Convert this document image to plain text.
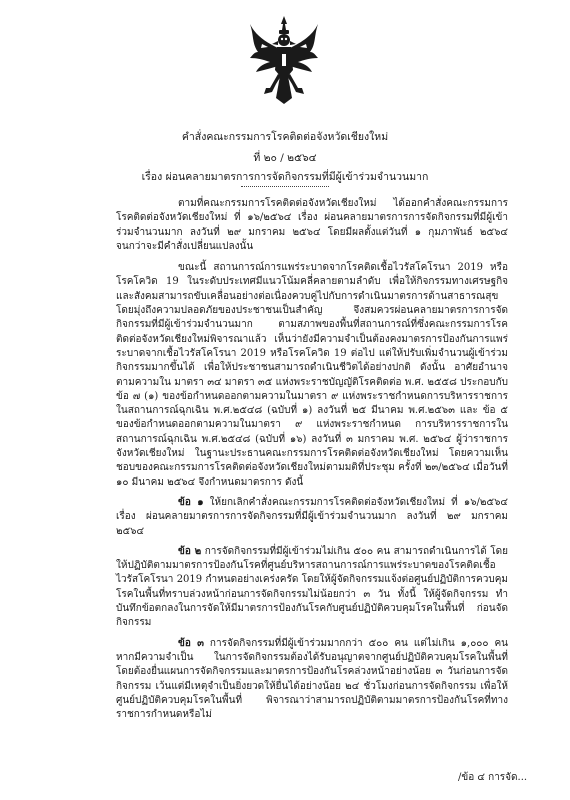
คำสั่งคณะกรรมการโรคติดต่อจังหวัดเชียงใหม่
ที่ ๒๐ / ๒๕๖๔
เรื่อง ผ่อนคลายมาตรการการจัดกิจกรรมที่มีผู้เข้าร่วมจำนวนมาก

ตามที่คณะกรรมการโรคติดต่อจังหวัดเชียงใหม่ ได้ออกคำสั่งคณะกรรมการโรคติดต่อจังหวัดเชียงใหม่ ที่ ๑๖/๒๕๖๔ เรื่อง ผ่อนคลายมาตรการการจัดกิจกรรมที่มีผู้เข้าร่วมจำนวนมาก ลงวันที่ ๒๙ มกราคม ๒๕๖๔ โดยมีผลตั้งแต่วันที่ ๑ กุมภาพันธ์ ๒๕๖๔ จนกว่าจะมีคำสั่งเปลี่ยนแปลงนั้น

ขณะนี้ สถานการณ์การแพร่ระบาดจากโรคติดเชื้อไวรัสโคโรนา 2019 หรือโรคโควิด 19 ในระดับประเทศมีแนวโน้มคลี่คลายตามลำดับ เพื่อให้กิจกรรมทางเศรษฐกิจและสังคมสามารถขับเคลื่อนอย่างต่อเนื่องควบคู่ไปกับการดำเนินมาตรการด้านสาธารณสุขโดยมุ่งถึงความปลอดภัยของประชาชนเป็นสำคัญ จึงสมควรผ่อนคลายมาตรการการจัดกิจกรรมที่มีผู้เข้าร่วมจำนวนมาก ตามสภาพของพื้นที่สถานการณ์ที่ซึ่งคณะกรรมการโรคติดต่อจังหวัดเชียงใหม่พิจารณาแล้ว เห็นว่ายังมีความจำเป็นต้องคงมาตรการป้องกันการแพร่ระบาดจากเชื้อไวรัสโคโรนา 2019 หรือโรคโควิด 19 ต่อไป แต่ให้ปรับเพิ่มจำนวนผู้เข้าร่วมกิจกรรมมากขึ้นได้ เพื่อให้ประชาชนสามารถดำเนินชีวิตได้อย่างปกติ ดังนั้น อาศัยอำนาจตามความใน มาตรา ๓๔ มาตรา ๓๕ แห่งพระราชบัญญัติโรคติดต่อ พ.ศ. ๒๕๕๘ ประกอบกับข้อ ๗ (๑) ของข้อกำหนดออกตามความในมาตรา ๙ แห่งพระราชกำหนดการบริหารราชการในสถานการณ์ฉุกเฉิน พ.ศ.๒๕๔๘ (ฉบับที่ ๑) ลงวันที่ ๒๕ มีนาคม พ.ศ.๒๕๖๓ และ ข้อ ๕ ของข้อกำหนดออกตามความในมาตรา ๙ แห่งพระราชกำหนด การบริหารราชการในสถานการณ์ฉุกเฉิน พ.ศ.๒๕๔๘ (ฉบับที่ ๑๖) ลงวันที่ ๓ มกราคม พ.ศ. ๒๕๖๔ ผู้ว่าราชการจังหวัดเชียงใหม่ ในฐานะประธานคณะกรรมการโรคติดต่อจังหวัดเชียงใหม่ โดยความเห็นชอบของคณะกรรมการโรคติดต่อจังหวัดเชียงใหม่ตามมติที่ประชุม ครั้งที่ ๒๓/๒๕๖๔ เมื่อวันที่ ๑๐ มีนาคม ๒๕๖๔ จึงกำหนดมาตรการ ดังนี้

ข้อ ๑ ให้ยกเลิกคำสั่งคณะกรรมการโรคติดต่อจังหวัดเชียงใหม่ ที่ ๑๖/๒๕๖๔ เรื่อง ผ่อนคลายมาตรการการจัดกิจกรรมที่มีผู้เข้าร่วมจำนวนมาก ลงวันที่ ๒๙ มกราคม ๒๕๖๔

ข้อ ๒ การจัดกิจกรรมที่มีผู้เข้าร่วมไม่เกิน ๕๐๐ คน สามารถดำเนินการได้ โดยให้ปฏิบัติตามมาตรการป้องกันโรคที่ศูนย์บริหารสถานการณ์การแพร่ระบาดของโรคติดเชื้อไวรัสโคโรนา 2019 กำหนดอย่างเคร่งครัด โดยให้ผู้จัดกิจกรรมแจ้งต่อศูนย์ปฏิบัติการควบคุมโรคในพื้นที่ทราบล่วงหน้าก่อนการจัดกิจกรรมไม่น้อยกว่า ๓ วัน ทั้งนี้ ให้ผู้จัดกิจกรรม ทำบันทึกข้อตกลงในการจัดให้มีมาตรการป้องกันโรคกับศูนย์ปฏิบัติควบคุมโรคในพื้นที่ ก่อนจัดกิจกรรม

ข้อ ๓ การจัดกิจกรรมที่มีผู้เข้าร่วมมากกว่า ๕๐๐ คน แต่ไม่เกิน ๑,๐๐๐ คน หากมีความจำเป็น ในการจัดกิจกรรมต้องได้รับอนุญาตจากศูนย์ปฏิบัติควบคุมโรคในพื้นที่ โดยต้องยื่นแผนการจัดกิจกรรมและมาตรการป้องกันโรคล่วงหน้าอย่างน้อย ๓ วันก่อนการจัดกิจกรรม เว้นแต่มีเหตุจำเป็นยิ่งยวดให้ยื่นได้อย่างน้อย ๒๔ ชั่วโมงก่อนการจัดกิจกรรม เพื่อให้ศูนย์ปฏิบัติควบคุมโรคในพื้นที่ พิจารณาว่าสามารถปฏิบัติตามมาตรการป้องกันโรคที่ทางราชการกำหนดหรือไม่

/ข้อ ๔ การจัด...
